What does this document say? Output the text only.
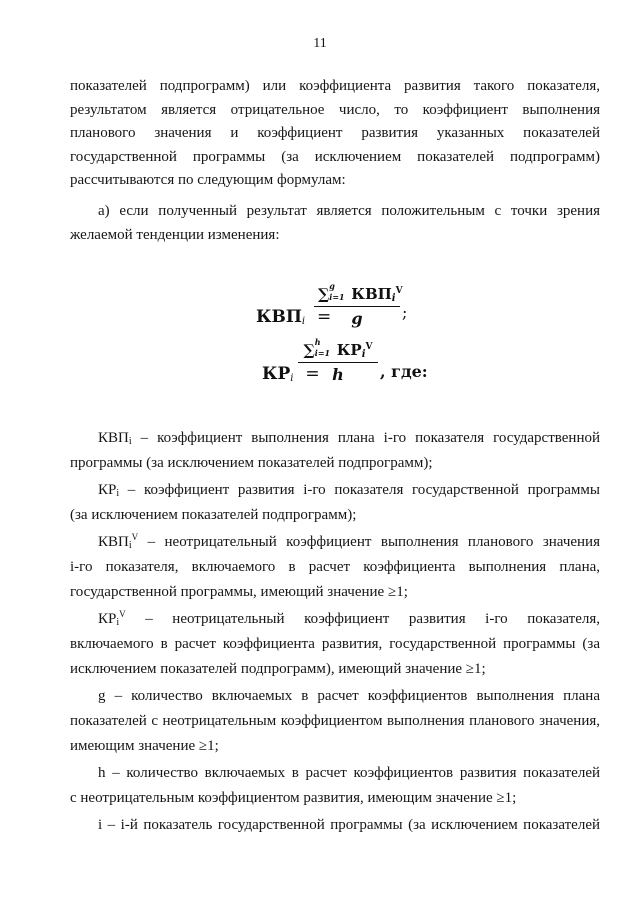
11

показателей подпрограмм) или коэффициента развития такого показателя,

результатом является отрицательное число, то коэффициент выполнения

планового значения и коэффициент развития указанных показателей

государственной программы (за исключением показателей подпрограмм)

рассчитываются по следующим формулам:

а) если полученный результат является положительным с точки зрения

желаемой тенденции изменения:

$КВП_i$ =
∑ g
i=1 $КВП_i^V$
g	;
$КР_i$ =
∑ h
i=1 $КР_i^V$
h	, где:
$КВП_i$ – коэффициент выполнения плана i-го показателя государственной
программы (за исключением показателей подпрограмм);
$КР_i$ – коэффициент развития i-го показателя государственной программы
(за исключением показателей подпрограмм);
$КВП_i^V$ – неотрицательный коэффициент выполнения планового значения
i-го показателя, включаемого в расчет коэффициента выполнения плана,
государственной программы, имеющий значение ≥1;
$КР_i^V$ – неотрицательный коэффициент развития i-го показателя,
включаемого в расчет коэффициента развития, государственной программы (за
исключением показателей подпрограмм), имеющий значение ≥1;
g – количество включаемых в расчет коэффициентов выполнения плана
показателей с неотрицательным коэффициентом выполнения планового значения,
имеющим значение ≥1;
h – количество включаемых в расчет коэффициентов развития показателей
с неотрицательным коэффициентом развития, имеющим значение ≥1;
i – i-й показатель государственной программы (за исключением показателей
